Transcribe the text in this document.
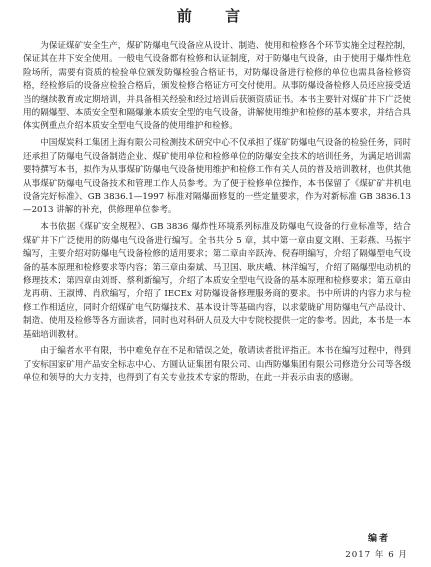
前 言

为保证煤矿安全生产，煤矿防爆电气设备应从设计、制造、使用和检修各个环节实施全过程控制，保证其在井下安全使用。一般电气设备都有检修和认证制度，对于防爆电气设备，由于使用于爆炸性危险场所，需要有资质的检验单位颁发防爆检验合格证书，对防爆设备进行检修的单位也需具备检修资格，经检修后的设备应检验合格后，颁发检修合格证方可交付使用。从事防爆设备检修人员还应接受适当的继续教育或定期培训，并具备相关经验和经过培训后获颁资质证书。本书主要针对煤矿井下广泛使用的隔爆型、本质安全型和隔爆兼本质安全型的电气设备，讲解使用维护和检修的基本要求，并结合具体实例重点介绍本质安全型电气设备的使用维护和检修。

中国煤炭科工集团上海有限公司检测技术研究中心不仅承担了煤矿防爆电气设备的检验任务，同时还承担了防爆电气设备制造企业、煤矿使用单位和检修单位的防爆安全技术的培训任务，为满足培训需要特撰写本书，拟作为从事煤矿防爆电气设备使用维护和检修工作有关人员的普及培训教材，也供其他从事煤矿防爆电气设备技术和管理工作人员参考。为了便于检修单位操作，本书保留了《煤矿矿井机电设备完好标准》、GB 3836.1—1997 标准对隔爆面修复的一些定量要求，作为对新标准 GB 3836.13—2013 讲解的补充，供修理单位参考。

本书依据《煤矿安全规程》、GB 3836 爆炸性环境系列标准及防爆电气设备的行业标准等，结合煤矿井下广泛使用的防爆电气设备进行编写。全书共分 5 章，其中第一章由夏文刚、王彩燕、马振宇编写，主要介绍对防爆电气设备检修的适用要求；第二章由辛跃涛、倪春明编写，介绍了隔爆型电气设备的基本原理和检修要求等内容；第三章由秦斌、马卫国、耿庆峨、林洋编写，介绍了隔爆型电动机的修理技术；第四章由刘哥、蔡利新编写，介绍了本质安全型电气设备的基本原理和检修要求；第五章由龙再萌、王淑博、肖欣编写，介绍了 IECEx 对防爆设备修理服务商的要求。书中所讲的内容力求与检修工作相适应，同时介绍煤矿电气防爆技术、基本设计等基础内容，以求蒙眬矿用防爆电气产品设计、制造、使用及检修等各方面读者，同时也对科研人员及大中专院校提供一定的参考。因此，本书是一本基础培训教材。

由于编者水平有限，书中难免存在不足和错误之处，敬请读者批评指正。本书在编写过程中，得到了安标国家矿用产品安全标志中心、方圆认证集团有限公司、山西防爆集团有限公司修造分公司等各级单位和领导的大力支持，也得到了有关专业技术专家的帮助，在此一并表示由衷的感谢。

编者
2017 年 6 月
